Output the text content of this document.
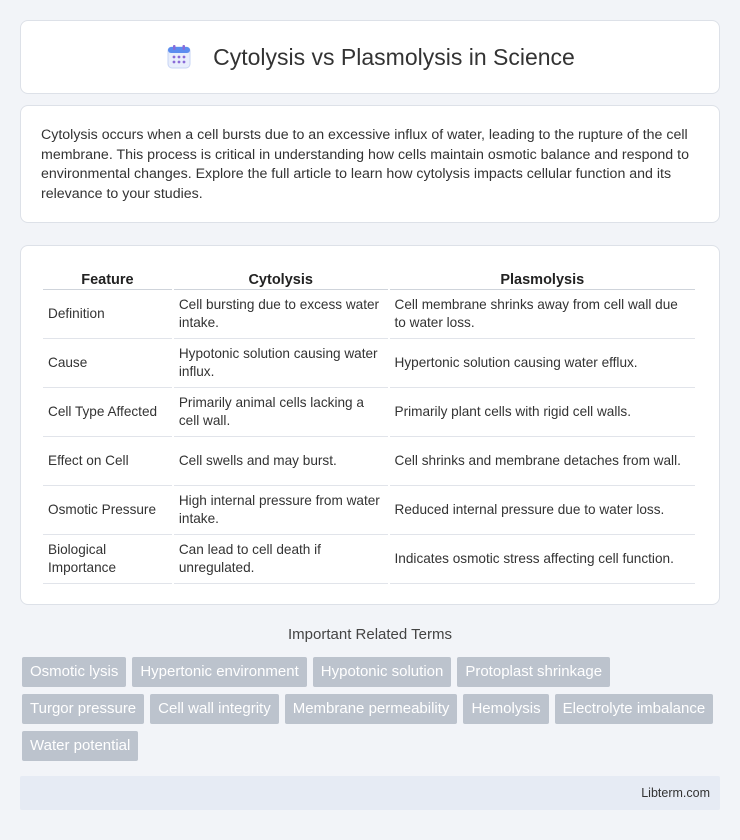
Cytolysis vs Plasmolysis in Science

Cytolysis occurs when a cell bursts due to an excessive influx of water, leading to the rupture of the cell membrane. This process is critical in understanding how cells maintain osmotic balance and respond to environmental changes. Explore the full article to learn how cytolysis impacts cellular function and its relevance to your studies.

Feature	Cytolysis	Plasmolysis
Definition	Cell bursting due to excess water intake.	Cell membrane shrinks away from cell wall due to water loss.
Cause	Hypotonic solution causing water influx.	Hypertonic solution causing water efflux.
Cell Type Affected	Primarily animal cells lacking a cell wall.	Primarily plant cells with rigid cell walls.
Effect on Cell	Cell swells and may burst.	Cell shrinks and membrane detaches from wall.
Osmotic Pressure	High internal pressure from water intake.	Reduced internal pressure due to water loss.
Biological Importance	Can lead to cell death if unregulated.	Indicates osmotic stress affecting cell function.
Important Related Terms
Osmotic lysis	Hypertonic environment	Hypotonic solution	Protoplast shrinkage
Turgor pressure	Cell wall integrity	Membrane permeability	Hemolysis	Electrolyte imbalance
Water potential
Libterm.com
